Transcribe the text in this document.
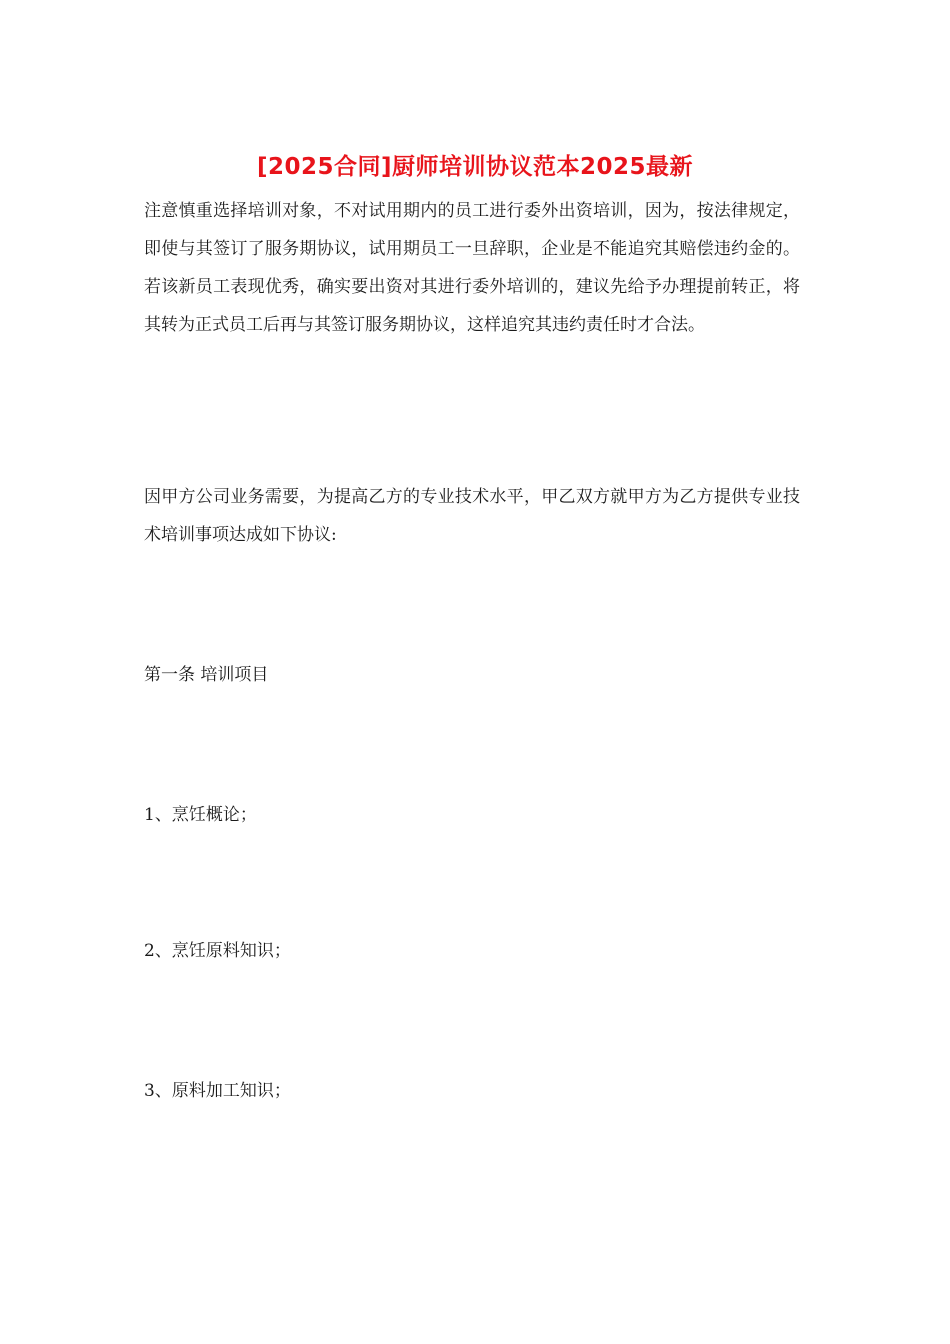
[2025合同]厨师培训协议范本2025最新

注意慎重选择培训对象，不对试用期内的员工进行委外出资培训，因为，按法律规定，即使与其签订了服务期协议，试用期员工一旦辞职，企业是不能追究其赔偿违约金的。若该新员工表现优秀，确实要出资对其进行委外培训的，建议先给予办理提前转正，将其转为正式员工后再与其签订服务期协议，这样追究其违约责任时才合法。

因甲方公司业务需要，为提高乙方的专业技术水平，甲乙双方就甲方为乙方提供专业技术培训事项达成如下协议:

第一条 培训项目

1、烹饪概论；

2、烹饪原料知识；

3、原料加工知识；
